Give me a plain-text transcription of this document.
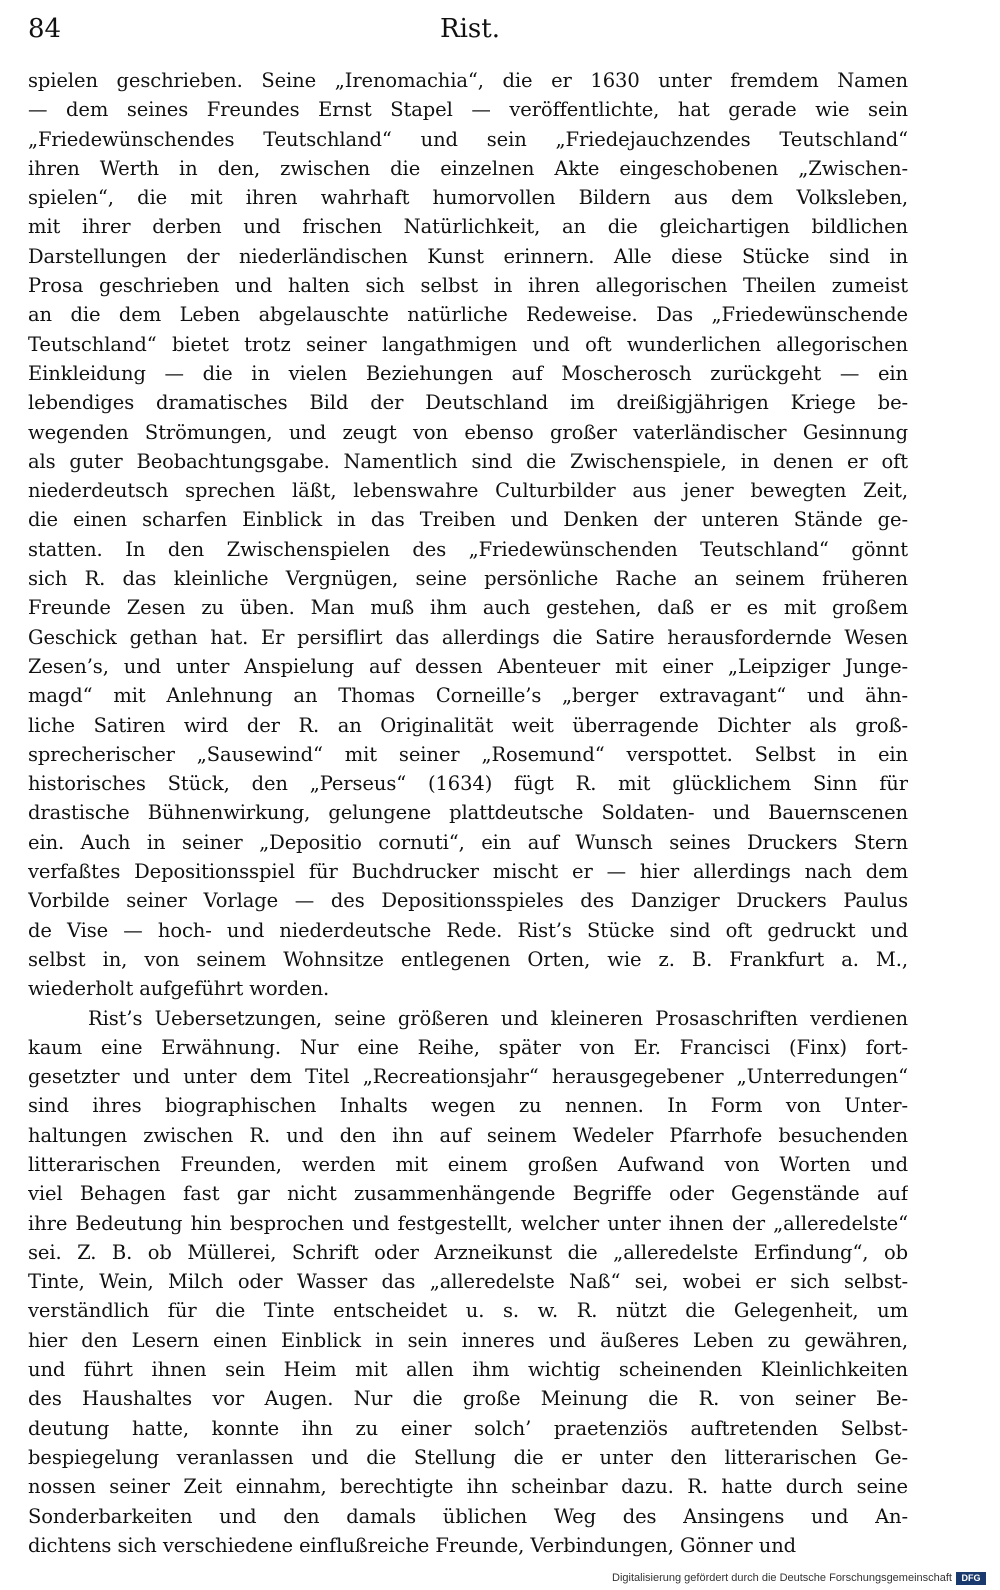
84	Rist.
spielen geschrieben. Seine „Irenomachia“, die er 1630 unter fremdem Namen
— dem seines Freundes Ernst Stapel — veröffentlichte, hat gerade wie sein
„Friedewünschendes Teutschland“ und sein „Friedejauchzendes Teutschland“
ihren Werth in den, zwischen die einzelnen Akte eingeschobenen „Zwischen-
spielen“, die mit ihren wahrhaft humorvollen Bildern aus dem Volksleben,
mit ihrer derben und frischen Natürlichkeit, an die gleichartigen bildlichen
Darstellungen der niederländischen Kunst erinnern. Alle diese Stücke sind in
Prosa geschrieben und halten sich selbst in ihren allegorischen Theilen zumeist
an die dem Leben abgelauschte natürliche Redeweise. Das „Friedewünschende
Teutschland“ bietet trotz seiner langathmigen und oft wunderlichen allegorischen
Einkleidung — die in vielen Beziehungen auf Moscherosch zurückgeht — ein
lebendiges dramatisches Bild der Deutschland im dreißigjährigen Kriege be-
wegenden Strömungen, und zeugt von ebenso großer vaterländischer Gesinnung
als guter Beobachtungsgabe. Namentlich sind die Zwischenspiele, in denen er oft
niederdeutsch sprechen läßt, lebenswahre Culturbilder aus jener bewegten Zeit,
die einen scharfen Einblick in das Treiben und Denken der unteren Stände ge-
statten. In den Zwischenspielen des „Friedewünschenden Teutschland“ gönnt
sich R. das kleinliche Vergnügen, seine persönliche Rache an seinem früheren
Freunde Zesen zu üben. Man muß ihm auch gestehen, daß er es mit großem
Geschick gethan hat. Er persiflirt das allerdings die Satire herausfordernde Wesen
Zesen’s, und unter Anspielung auf dessen Abenteuer mit einer „Leipziger Junge-
magd“ mit Anlehnung an Thomas Corneille’s „berger extravagant“ und ähn-
liche Satiren wird der R. an Originalität weit überragende Dichter als groß-
sprecherischer „Sausewind“ mit seiner „Rosemund“ verspottet. Selbst in ein
historisches Stück, den „Perseus“ (1634) fügt R. mit glücklichem Sinn für
drastische Bühnenwirkung, gelungene plattdeutsche Soldaten- und Bauernscenen
ein. Auch in seiner „Depositio cornuti“, ein auf Wunsch seines Druckers Stern
verfaßtes Depositionsspiel für Buchdrucker mischt er — hier allerdings nach dem
Vorbilde seiner Vorlage — des Depositionsspieles des Danziger Druckers Paulus
de Vise — hoch- und niederdeutsche Rede. Rist’s Stücke sind oft gedruckt und
selbst in, von seinem Wohnsitze entlegenen Orten, wie z. B. Frankfurt a. M.,
wiederholt aufgeführt worden.
Rist’s Uebersetzungen, seine größeren und kleineren Prosaschriften verdienen
kaum eine Erwähnung. Nur eine Reihe, später von Er. Francisci (Finx) fort-
gesetzter und unter dem Titel „Recreationsjahr“ herausgegebener „Unterredungen“
sind ihres biographischen Inhalts wegen zu nennen. In Form von Unter-
haltungen zwischen R. und den ihn auf seinem Wedeler Pfarrhofe besuchenden
litterarischen Freunden, werden mit einem großen Aufwand von Worten und
viel Behagen fast gar nicht zusammenhängende Begriffe oder Gegenstände auf
ihre Bedeutung hin besprochen und festgestellt, welcher unter ihnen der „alleredelste“
sei. Z. B. ob Müllerei, Schrift oder Arzneikunst die „alleredelste Erfindung“, ob
Tinte, Wein, Milch oder Wasser das „alleredelste Naß“ sei, wobei er sich selbst-
verständlich für die Tinte entscheidet u. s. w. R. nützt die Gelegenheit, um
hier den Lesern einen Einblick in sein inneres und äußeres Leben zu gewähren,
und führt ihnen sein Heim mit allen ihm wichtig scheinenden Kleinlichkeiten
des Haushaltes vor Augen. Nur die große Meinung die R. von seiner Be-
deutung hatte, konnte ihn zu einer solch’ praetenziös auftretenden Selbst-
bespiegelung veranlassen und die Stellung die er unter den litterarischen Ge-
nossen seiner Zeit einnahm, berechtigte ihn scheinbar dazu. R. hatte durch seine
Sonderbarkeiten und den damals üblichen Weg des Ansingens und An-
dichtens sich verschiedene einflußreiche Freunde, Verbindungen, Gönner und
Digitalisierung gefördert durch die Deutsche Forschungsgemeinschaft	DFG
